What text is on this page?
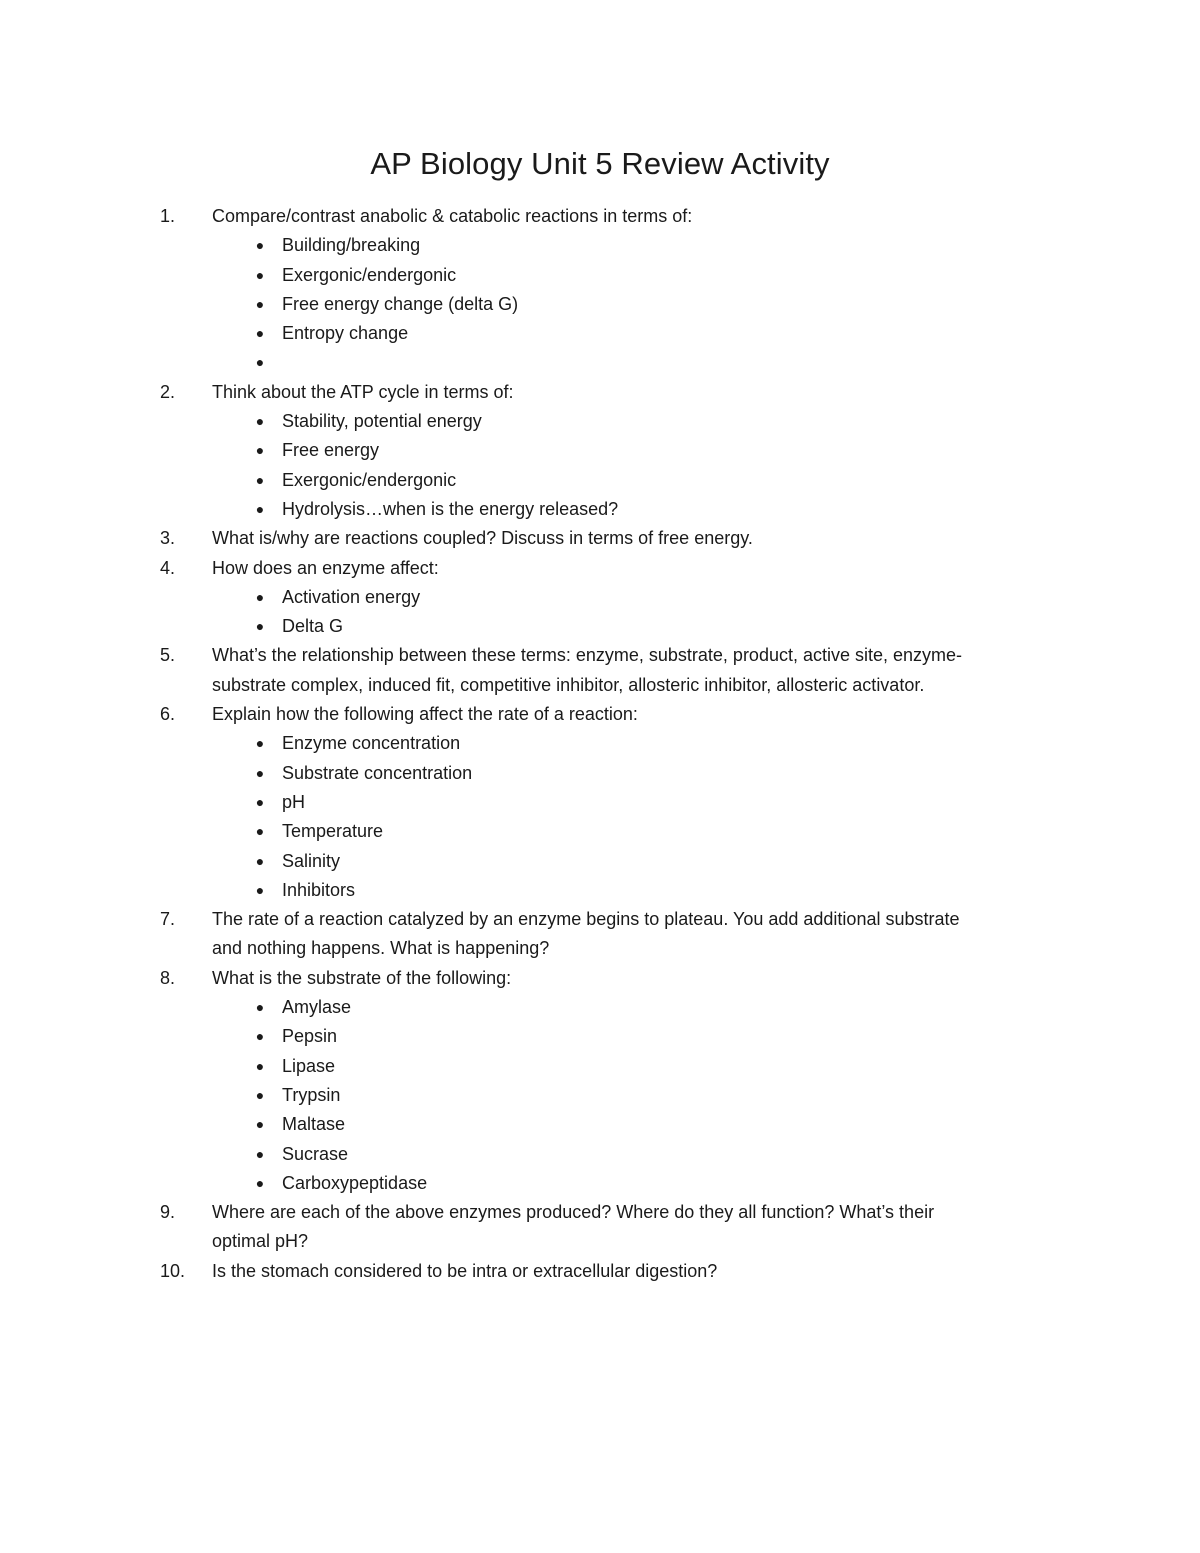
AP Biology Unit 5 Review Activity
1.	Compare/contrast anabolic & catabolic reactions in terms of:
● Building/breaking
● Exergonic/endergonic
● Free energy change (delta G)
● Entropy change
●
2.	Think about the ATP cycle in terms of:
● Stability, potential energy
● Free energy
● Exergonic/endergonic
● Hydrolysis…when is the energy released?
3.	What is/why are reactions coupled? Discuss in terms of free energy.
4.	How does an enzyme affect:
● Activation energy
● Delta G
5.	What’s the relationship between these terms: enzyme, substrate, product, active site, enzyme-
substrate complex, induced fit, competitive inhibitor, allosteric inhibitor, allosteric activator.
6.	Explain how the following affect the rate of a reaction:
● Enzyme concentration
● Substrate concentration
● pH
● Temperature
● Salinity
● Inhibitors
7.	The rate of a reaction catalyzed by an enzyme begins to plateau. You add additional substrate
and nothing happens. What is happening?
8.	What is the substrate of the following:
● Amylase
● Pepsin
● Lipase
● Trypsin
● Maltase
● Sucrase
● Carboxypeptidase
9.	Where are each of the above enzymes produced? Where do they all function? What’s their
optimal pH?
10.	Is the stomach considered to be intra or extracellular digestion?
